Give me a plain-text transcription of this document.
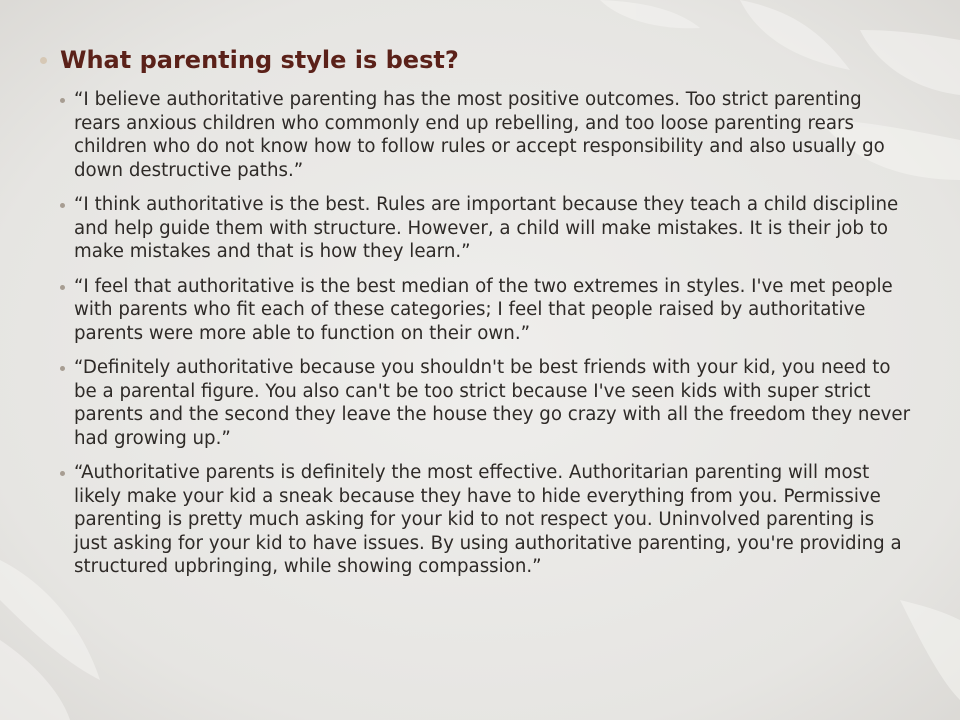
What parenting style is best?
“I believe authoritative parenting has the most positive outcomes. Too strict parenting rears anxious children who commonly end up rebelling, and too loose parenting rears children who do not know how to follow rules or accept responsibility and also usually go down destructive paths.”
“I think authoritative is the best. Rules are important because they teach a child discipline and help guide them with structure. However, a child will make mistakes. It is their job to make mistakes and that is how they learn.”
“I feel that authoritative is the best median of the two extremes in styles. I've met people with parents who fit each of these categories; I feel that people raised by authoritative parents were more able to function on their own.”
“Definitely authoritative because you shouldn't be best friends with your kid, you need to be a parental figure. You also can't be too strict because I've seen kids with super strict parents and the second they leave the house they go crazy with all the freedom they never had growing up.”
“Authoritative parents is definitely the most effective. Authoritarian parenting will most likely make your kid a sneak because they have to hide everything from you. Permissive parenting is pretty much asking for your kid to not respect you. Uninvolved parenting is just asking for your kid to have issues. By using authoritative parenting, you're providing a structured upbringing, while showing compassion.”
